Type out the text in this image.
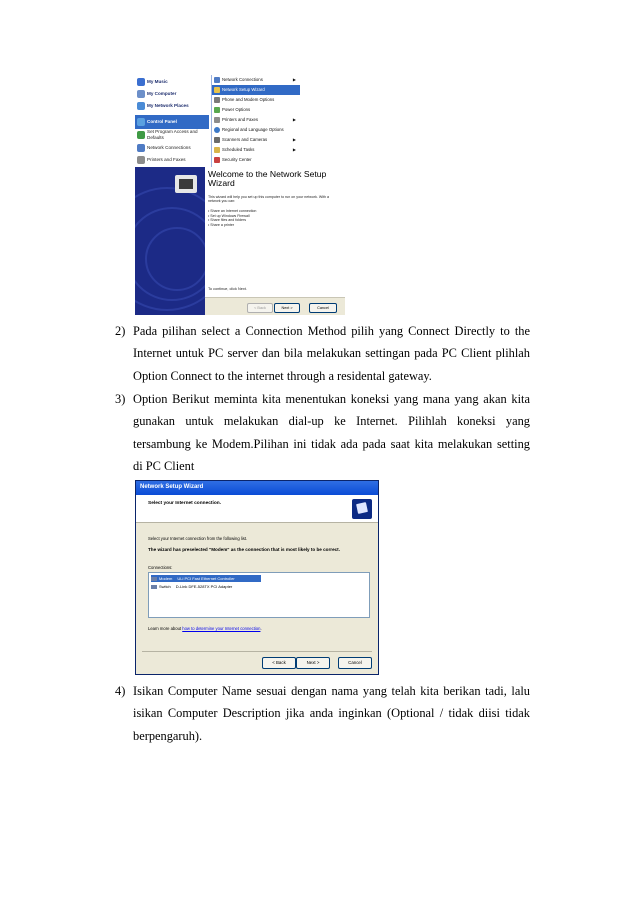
My Music
My Computer
My Network Places
Control Panel
Set Program Access and Defaults
Network Connections
Printers and Faxes
Network Connections	▶
Network Setup Wizard
Phone and Modem Options
Power Options
Printers and Faxes	▶
Regional and Language Options
Scanners and Cameras	▶
Scheduled Tasks	▶
Security Center
Welcome to the Network Setup Wizard
This wizard will help you set up this computer to run on your network. With a network you can:
• Share an Internet connection
• Set up Windows Firewall
• Share files and folders
• Share a printer
To continue, click Next.
< Back	Next >	Cancel
2) Pada pilihan select a Connection Method pilih yang Connect Directly to the
Internet untuk PC server dan bila melakukan settingan pada PC Client plihlah
Option Connect to the internet through a residental gateway.
3) Option Berikut meminta kita menentukan koneksi yang mana yang akan kita
gunakan untuk melakukan dial-up ke Internet. Pilihlah koneksi yang
tersambung ke Modem.Pilihan ini tidak ada pada saat kita melakukan setting
di PC Client
Network Setup Wizard
Select your Internet connection.
Select your Internet connection from the following list.
The wizard has preselected "Modem" as the connection that is most likely to be correct.
Connections:
Modem ULi PCI Fast Ethernet Controller
Switch D-Link DFE-528TX PCI Adapter
Learn more about how to determine your Internet connection.
< Back	Next >	Cancel
4) Isikan Computer Name sesuai dengan nama yang telah kita berikan tadi, lalu
isikan Computer Description jika anda inginkan (Optional / tidak diisi tidak
berpengaruh).
